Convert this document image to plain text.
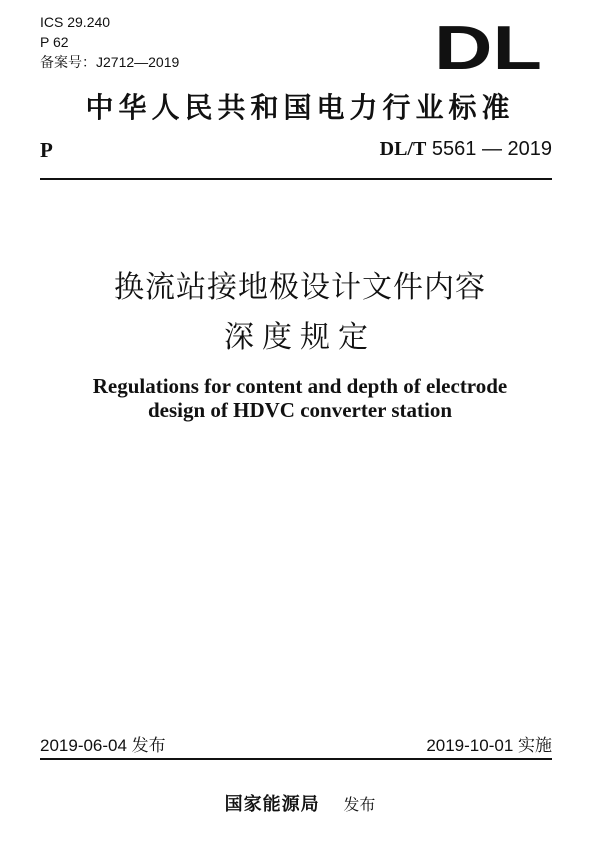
ICS 29.240
P 62
备案号：J2712—2019	DL
中华人民共和国电力行业标准
P	DL/T 5561 — 2019
换流站接地极设计文件内容
深度规定
Regulations for content and depth of electrode
design of HDVC converter station
2019-06-04 发布	2019-10-01 实施
国家能源局 发布
